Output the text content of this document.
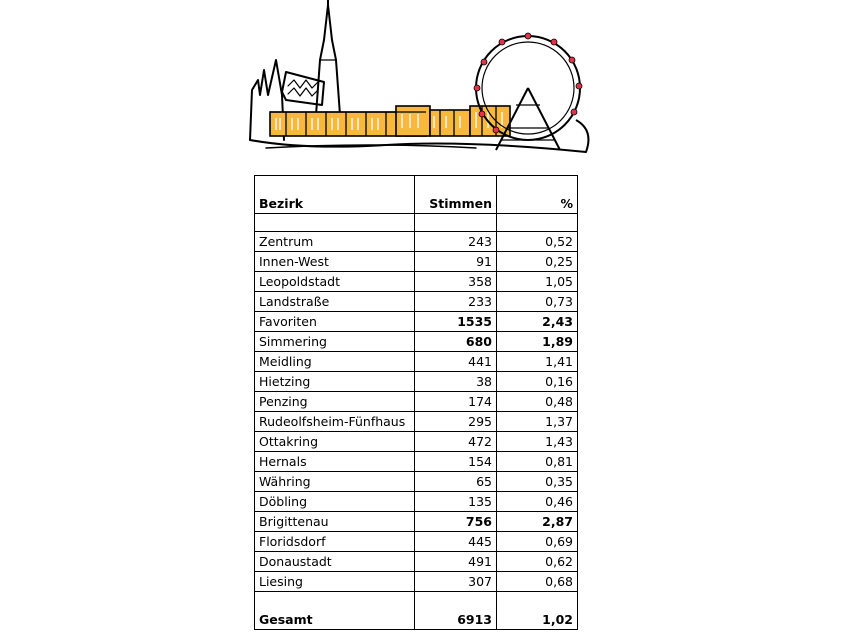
Bezirk	Stimmen	%

Zentrum	243	0,52
Innen-West	91	0,25
Leopoldstadt	358	1,05
Landstraße	233	0,73
Favoriten	1535	2,43
Simmering	680	1,89
Meidling	441	1,41
Hietzing	38	0,16
Penzing	174	0,48
Rudeolfsheim-Fünfhaus	295	1,37
Ottakring	472	1,43
Hernals	154	0,81
Währing	65	0,35
Döbling	135	0,46
Brigittenau	756	2,87
Floridsdorf	445	0,69
Donaustadt	491	0,62
Liesing	307	0,68
Gesamt	6913	1,02
